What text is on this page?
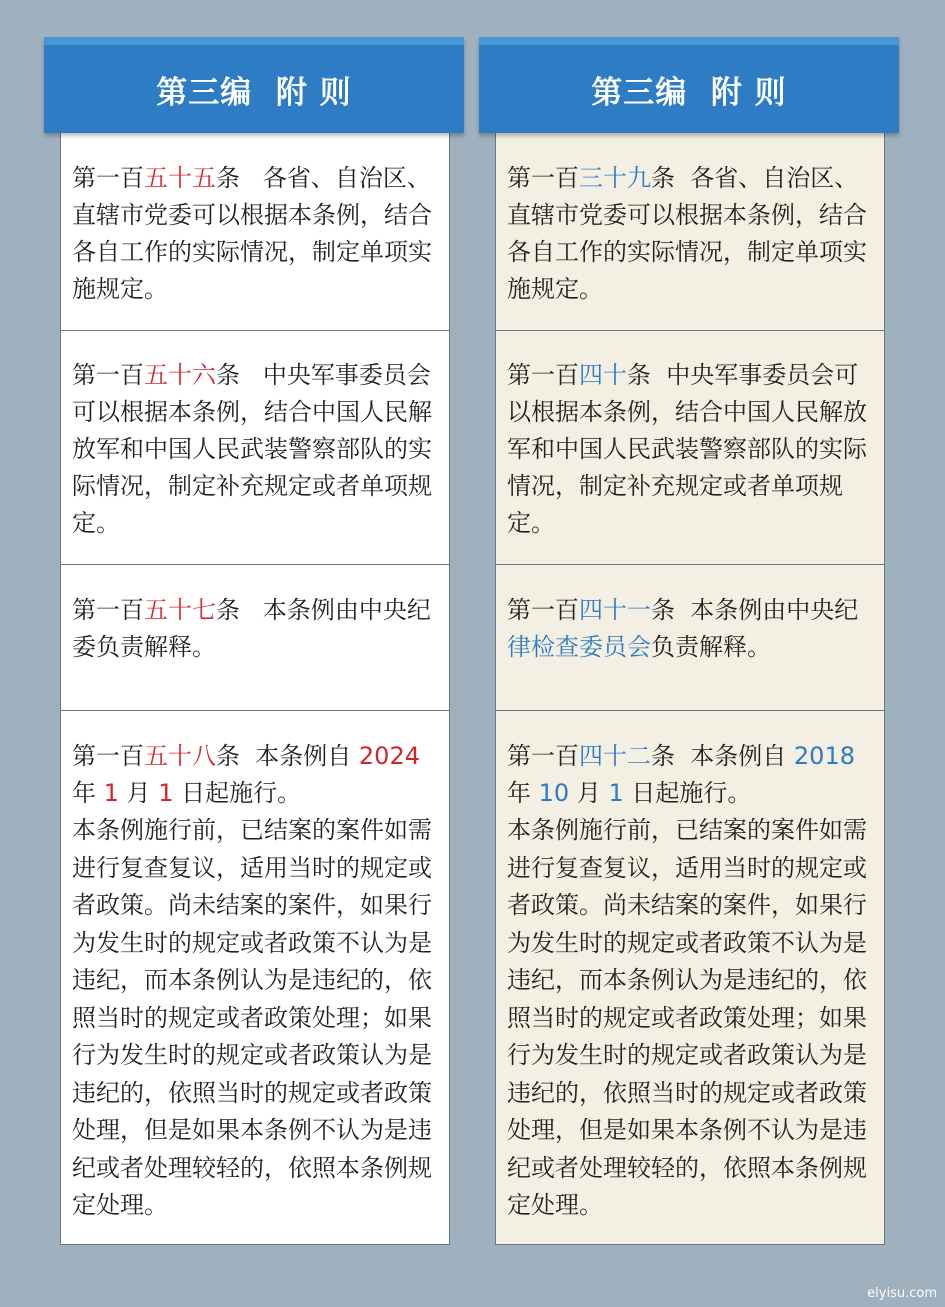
第三编  附 则
第一百五十五条   各省、自治区、直辖市党委可以根据本条例，结合各自工作的实际情况，制定单项实施规定。
第一百五十六条   中央军事委员会可以根据本条例，结合中国人民解放军和中国人民武装警察部队的实际情况，制定补充规定或者单项规定。
第一百五十七条   本条例由中央纪委负责解释。
第一百五十八条  本条例自 2024年 1 月 1 日起施行。
本条例施行前，已结案的案件如需进行复查复议，适用当时的规定或者政策。尚未结案的案件，如果行为发生时的规定或者政策不认为是违纪，而本条例认为是违纪的，依照当时的规定或者政策处理；如果行为发生时的规定或者政策认为是违纪的，依照当时的规定或者政策处理，但是如果本条例不认为是违纪或者处理较轻的，依照本条例规定处理。
第三编  附 则
第一百三十九条  各省、自治区、直辖市党委可以根据本条例，结合各自工作的实际情况，制定单项实施规定。
第一百四十条  中央军事委员会可以根据本条例，结合中国人民解放军和中国人民武装警察部队的实际情况，制定补充规定或者单项规定。
第一百四十一条  本条例由中央纪律检查委员会负责解释。
第一百四十二条  本条例自 2018年 10 月 1 日起施行。
本条例施行前，已结案的案件如需进行复查复议，适用当时的规定或者政策。尚未结案的案件，如果行为发生时的规定或者政策不认为是违纪，而本条例认为是违纪的，依照当时的规定或者政策处理；如果行为发生时的规定或者政策认为是违纪的，依照当时的规定或者政策处理，但是如果本条例不认为是违纪或者处理较轻的，依照本条例规定处理。
elyisu.com
